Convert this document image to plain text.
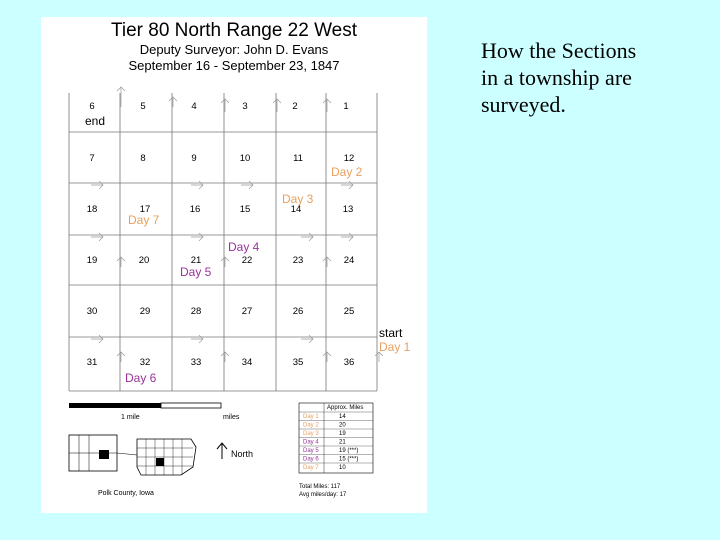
Tier 80 North Range 22 West
Deputy Surveyor: John D. Evans
September 16 - September 23, 1847
6	5	4	3	2	1
7	8	9	10	11	12
18	17	16	15	14	13
19	20	21	22	23	24
30	29	28	27	26	25
31	32	33	34	35	36
end
Day 2
Day 3
Day 7
Day 4
Day 5
start
Day 1
Day 6
1 mile	miles
Polk County, Iowa
North
Approx. Miles
Day 1	14
Day 2	20
Day 3	19
Day 4	21
Day 5	19 (***)
Day 6	15 (***)
Day 7	10
Total Miles: 117
Avg miles/day: 17
How the Sections
in a township are
surveyed.
